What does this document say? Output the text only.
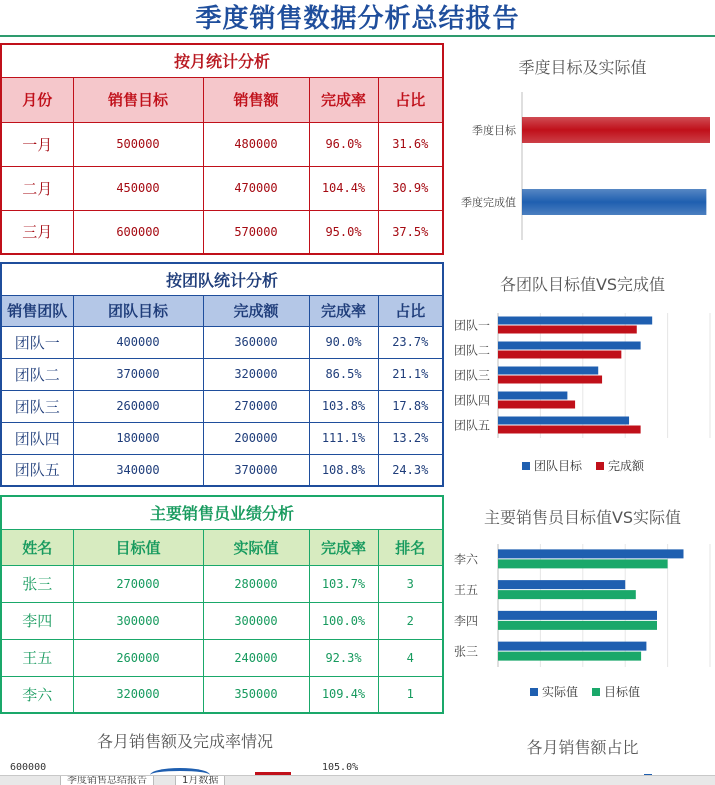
季度销售数据分析总结报告
按月统计分析				
月份	销售目标	销售额	完成率	占比
一月	500000	480000	96.0%	31.6%
二月	450000	470000	104.4%	30.9%
三月	600000	570000	95.0%	37.5%
按团队统计分析				
销售团队	团队目标	完成额	完成率	占比
团队一	400000	360000	90.0%	23.7%
团队二	370000	320000	86.5%	21.1%
团队三	260000	270000	103.8%	17.8%
团队四	180000	200000	111.1%	13.2%
团队五	340000	370000	108.8%	24.3%
主要销售员业绩分析				
姓名	目标值	实际值	完成率	排名
张三	270000	280000	103.7%	3
李四	300000	300000	100.0%	2
王五	260000	240000	92.3%	4
李六	320000	350000	109.4%	1
季度目标及实际值
各团队目标值VS完成值
主要销售员目标值VS实际值
各月销售额及完成率情况	各月销售额占比
季度目标
季度完成值
团队一
团队二
团队三
团队四
团队五
团队目标 完成额
李六
王五
李四
张三
实际值 目标值
600000	105.0%
季度销售总结报告	1月数据
